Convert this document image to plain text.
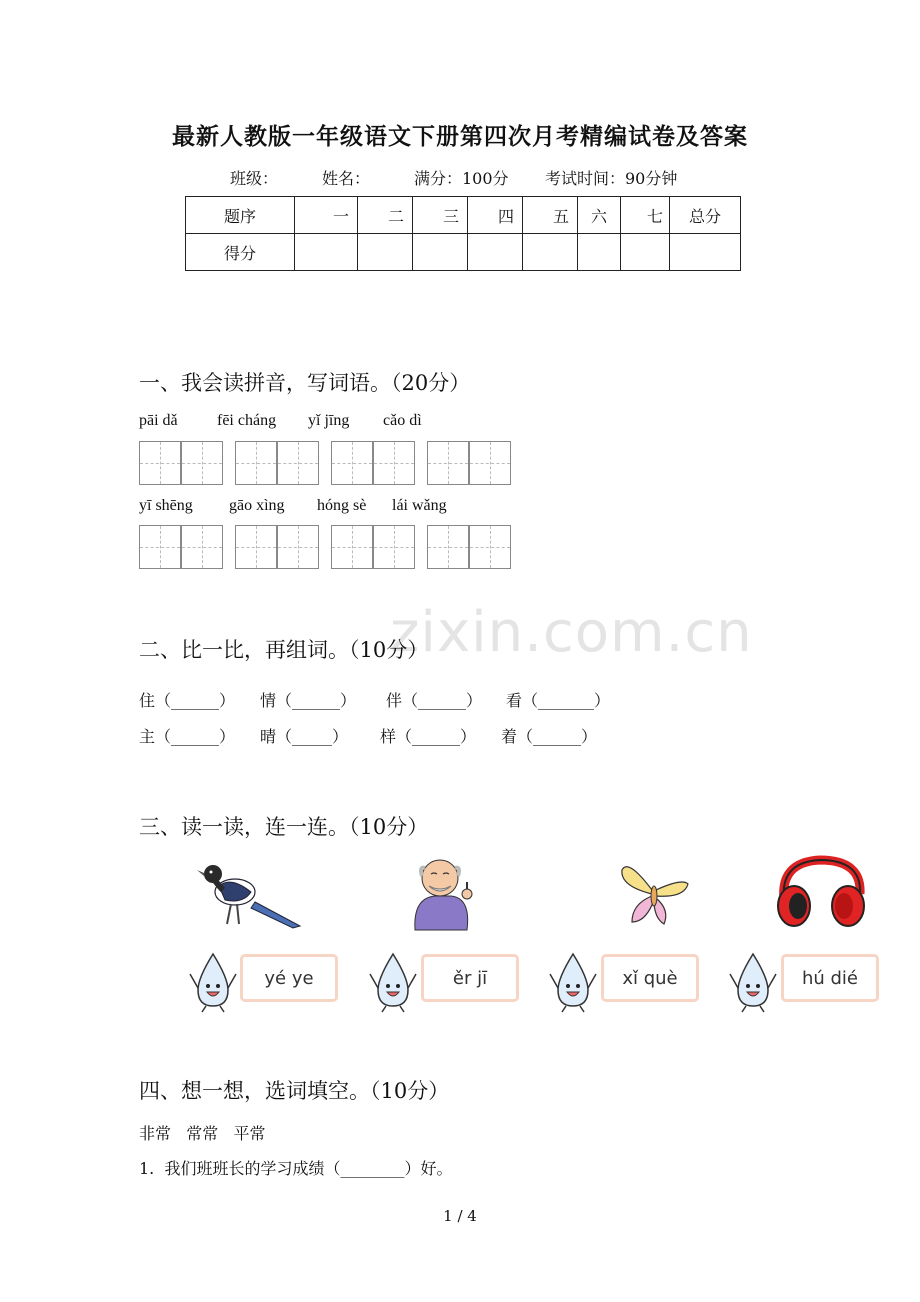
最新人教版一年级语文下册第四次月考精编试卷及答案
班级：	姓名：	满分：100分 考试时间：90分钟
题序	一	二	三	四	五	六	七	总分
得分								
一、我会读拼音，写词语。（20分）
pāi dǎ fēi cháng yǐ jīng cǎo dì
yī shēng gāo xìng hóng sè lái wǎng
zixin.com.cn
二、比一比，再组词。（10分）
住（______） 情（______） 伴（______） 看（_______）
主（______） 晴（_____） 样（______） 着（______）
三、读一读，连一连。（10分）
yé ye	ěr jī	xǐ què	hú dié
四、想一想，选词填空。（10分）
非常   常常   平常
1.  我们班班长的学习成绩（________）好。
1 / 4
